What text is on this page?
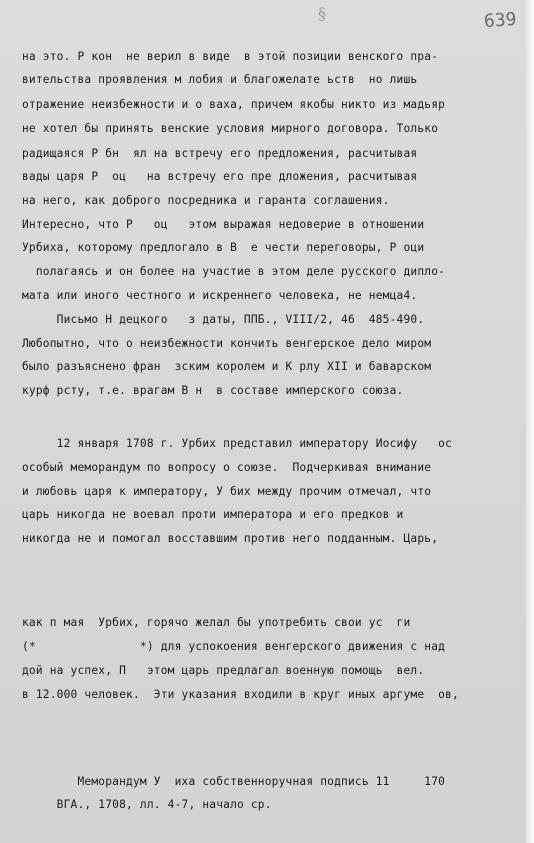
§	639
на это. Р кон  не верил в виде  в этой позиции венского пра-
вительства проявления м лобия и благожелате ьств  но лишь
отражение неизбежности и о ваха, причем якобы никто из мадьяр
не хотел бы принять венские условия мирного договора. Только
радищаяся Р бн  ял на встречу его предложения, расчитывая
вады царя Р  оц   на встречу его пре дложения, расчитывая
на него, как доброго посредника и гаранта соглашения.
Интересно, что Р   оц   этом выражая недоверие в отношении
Урбиха, которому предлогало в В  е чести переговоры, Р оци
полагаясь и он более на участие в этом деле русского дипло-
мата или иного честного и искреннего человека, не немца4.
Письмо Н децкого   з даты, ППБ., VIII/2, 46  485-490.
Любопытно, что о неизбежности кончить венгерское дело миром
было разъяснено фран  зским королем и К рлу XII и баварском
курф рсту, т.е. врагам В н  в составе имперского союза.
12 января 1708 г. Урбих представил императору Иосифу   ос
особый меморандум по вопросу о союзе.  Подчеркивая внимание
и любовь царя к императору, У бих между прочим отмечал, что
царь никогда не воевал прoти императора и его предков и
никогда не и помогал восставшим против него подданным. Царь,
как п мая  Урбих, горячо желал бы употребить свои ус  ги
(*               *) для успокоения венгерского движения с над
дой на успех, П   этом царь предлагал военную помощь  вел.
в 12.000 человек.  Эти указания входили в круг иных аргуме  ов,
Меморандум У  иха собственноручная подпись 11     170
ВГА., 1708, лл. 4-7, начало ср.
